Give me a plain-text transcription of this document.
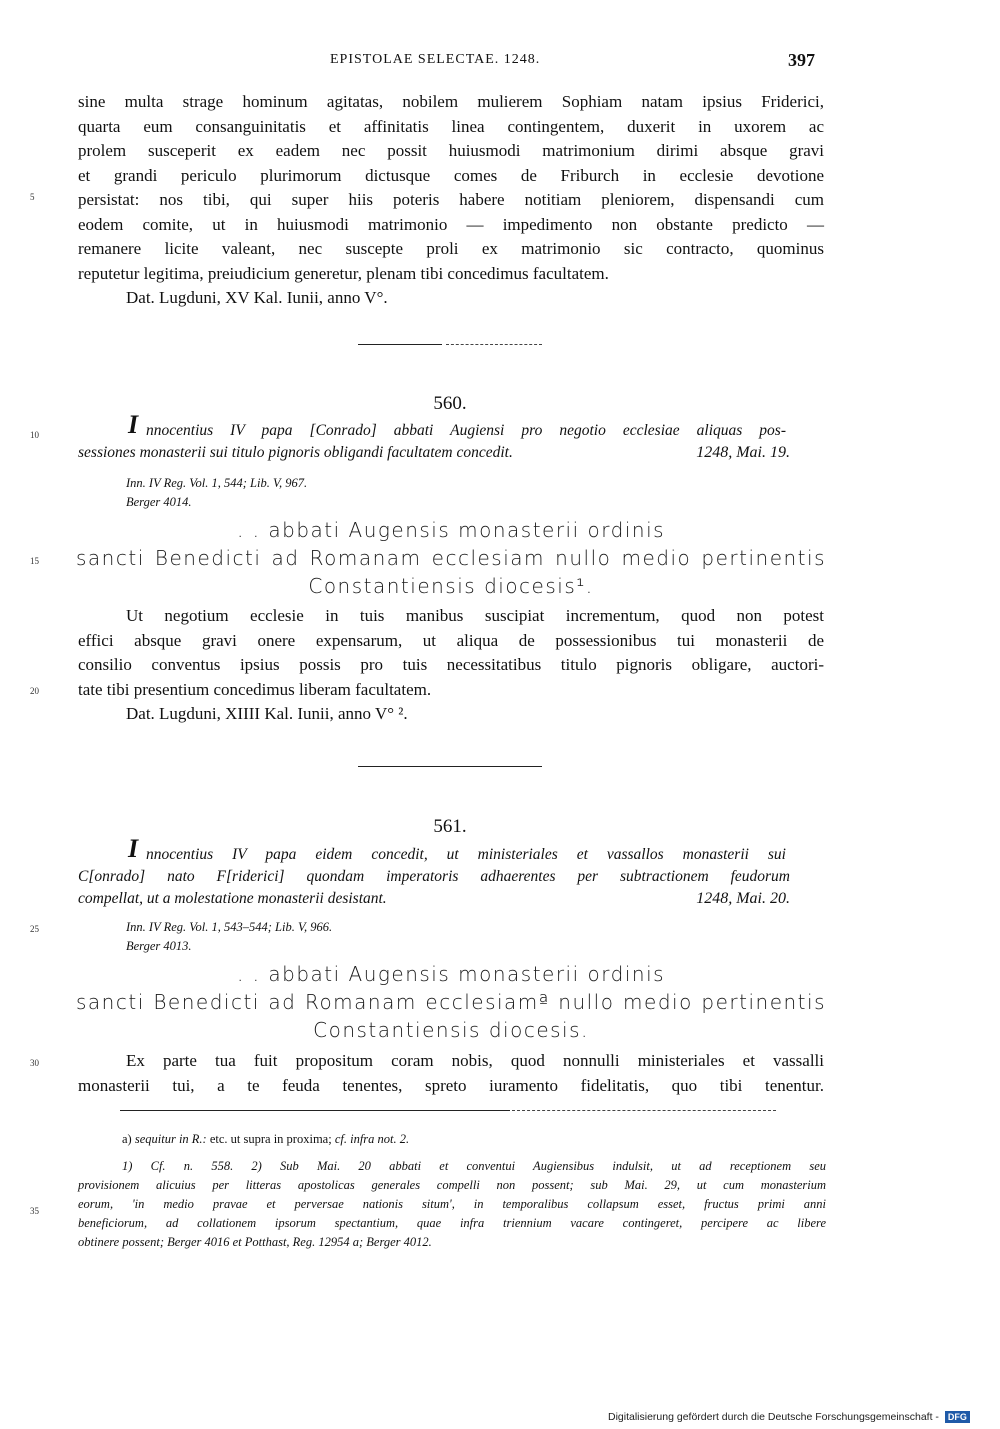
EPISTOLAE SELECTAE. 1248.	397
sine multa strage hominum agitatas, nobilem mulierem Sophiam natam ipsius Friderici,
quarta eum consanguinitatis et affinitatis linea contingentem, duxerit in uxorem ac
prolem susceperit ex eadem nec possit huiusmodi matrimonium dirimi absque gravi
et grandi periculo plurimorum dictusque comes de Friburch in ecclesie devotione
persistat: nos tibi, qui super hiis poteris habere notitiam pleniorem, dispensandi cum
eodem comite, ut in huiusmodi matrimonio — impedimento non obstante predicto —
remanere licite valeant, nec suscepte proli ex matrimonio sic contracto, quominus
reputetur legitima, preiudicium generetur, plenam tibi concedimus facultatem.
Dat. Lugduni, XV Kal. Iunii, anno V°.
5
560.
10	I nnocentius IV papa [Conrado] abbati Augiensi pro negotio ecclesiae aliquas pos-
sessiones monasterii sui titulo pignoris obligandi facultatem concedit.	1248, Mai. 19.
Inn. IV Reg. Vol. 1, 544; Lib. V, 967.
Berger 4014.
. . abbati Augensis monasterii ordinis
sancti Benedicti ad Romanam ecclesiam nullo medio pertinentis
Constantiensis diocesis¹.
15
Ut negotium ecclesie in tuis manibus suscipiat incrementum, quod non potest
effici absque gravi onere expensarum, ut aliqua de possessionibus tui monasterii de
consilio conventus ipsius possis pro tuis necessitatibus titulo pignoris obligare, auctori-
tate tibi presentium concedimus liberam facultatem.
Dat. Lugduni, XIIII Kal. Iunii, anno V° ².
20
561.
I nnocentius IV papa eidem concedit, ut ministeriales et vassallos monasterii sui
C[onrado] nato F[riderici] quondam imperatoris adhaerentes per subtractionem feudorum
compellat, ut a molestatione monasterii desistant.	1248, Mai. 20.
25	Inn. IV Reg. Vol. 1, 543–544; Lib. V, 966.
Berger 4013.
. . abbati Augensis monasterii ordinis
sancti Benedicti ad Romanam ecclesiamª nullo medio pertinentis
Constantiensis diocesis.
30	Ex parte tua fuit propositum coram nobis, quod nonnulli ministeriales et vassalli
monasterii tui, a te feuda tenentes, spreto iuramento fidelitatis, quo tibi tenentur.
a) sequitur in R.: etc. ut supra in proxima; cf. infra not. 2.
1) Cf. n. 558. 2) Sub Mai. 20 abbati et conventui Augiensibus indulsit, ut ad receptionem seu
provisionem alicuius per litteras apostolicas generales compelli non possent; sub Mai. 29, ut cum monasterium
eorum, 'in medio pravae et perversae nationis situm', in temporalibus collapsum esset, fructus primi anni
beneficiorum, ad collationem ipsorum spectantium, quae infra triennium vacare contingeret, percipere ac libere
obtinere possent; Berger 4016 et Potthast, Reg. 12954 a; Berger 4012.
35
Digitalisierung gefördert durch die Deutsche Forschungsgemeinschaft - DFG
